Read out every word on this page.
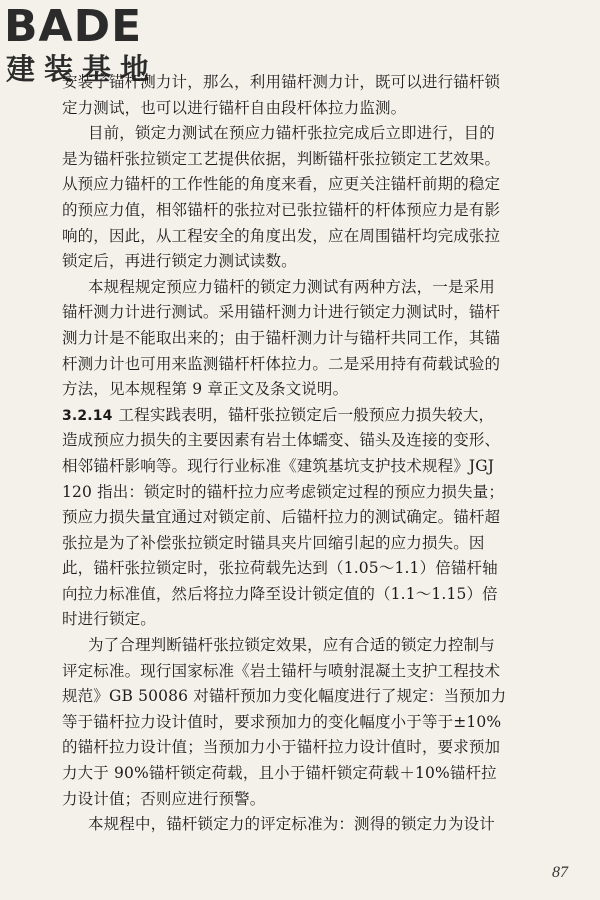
BADE
建装基地
安装了锚杆测力计，那么，利用锚杆测力计，既可以进行锚杆锁
定力测试，也可以进行锚杆自由段杆体拉力监测。
目前，锁定力测试在预应力锚杆张拉完成后立即进行，目的
是为锚杆张拉锁定工艺提供依据，判断锚杆张拉锁定工艺效果。
从预应力锚杆的工作性能的角度来看，应更关注锚杆前期的稳定
的预应力值，相邻锚杆的张拉对已张拉锚杆的杆体预应力是有影
响的，因此，从工程安全的角度出发，应在周围锚杆均完成张拉
锁定后，再进行锁定力测试读数。
本规程规定预应力锚杆的锁定力测试有两种方法，一是采用
锚杆测力计进行测试。采用锚杆测力计进行锁定力测试时，锚杆
测力计是不能取出来的；由于锚杆测力计与锚杆共同工作，其锚
杆测力计也可用来监测锚杆杆体拉力。二是采用持有荷载试验的
方法，见本规程第 9 章正文及条文说明。
3.2.14 工程实践表明，锚杆张拉锁定后一般预应力损失较大，
造成预应力损失的主要因素有岩土体蠕变、锚头及连接的变形、
相邻锚杆影响等。现行行业标准《建筑基坑支护技术规程》JGJ
120 指出：锁定时的锚杆拉力应考虑锁定过程的预应力损失量；
预应力损失量宜通过对锁定前、后锚杆拉力的测试确定。锚杆超
张拉是为了补偿张拉锁定时锚具夹片回缩引起的应力损失。因
此，锚杆张拉锁定时，张拉荷载先达到（1.05～1.1）倍锚杆轴
向拉力标准值，然后将拉力降至设计锁定值的（1.1～1.15）倍
时进行锁定。
为了合理判断锚杆张拉锁定效果，应有合适的锁定力控制与
评定标准。现行国家标准《岩土锚杆与喷射混凝土支护工程技术
规范》GB 50086 对锚杆预加力变化幅度进行了规定：当预加力
等于锚杆拉力设计值时，要求预加力的变化幅度小于等于±10%
的锚杆拉力设计值；当预加力小于锚杆拉力设计值时，要求预加
力大于 90%锚杆锁定荷载，且小于锚杆锁定荷载＋10%锚杆拉
力设计值；否则应进行预警。
本规程中，锚杆锁定力的评定标准为：测得的锁定力为设计
87
